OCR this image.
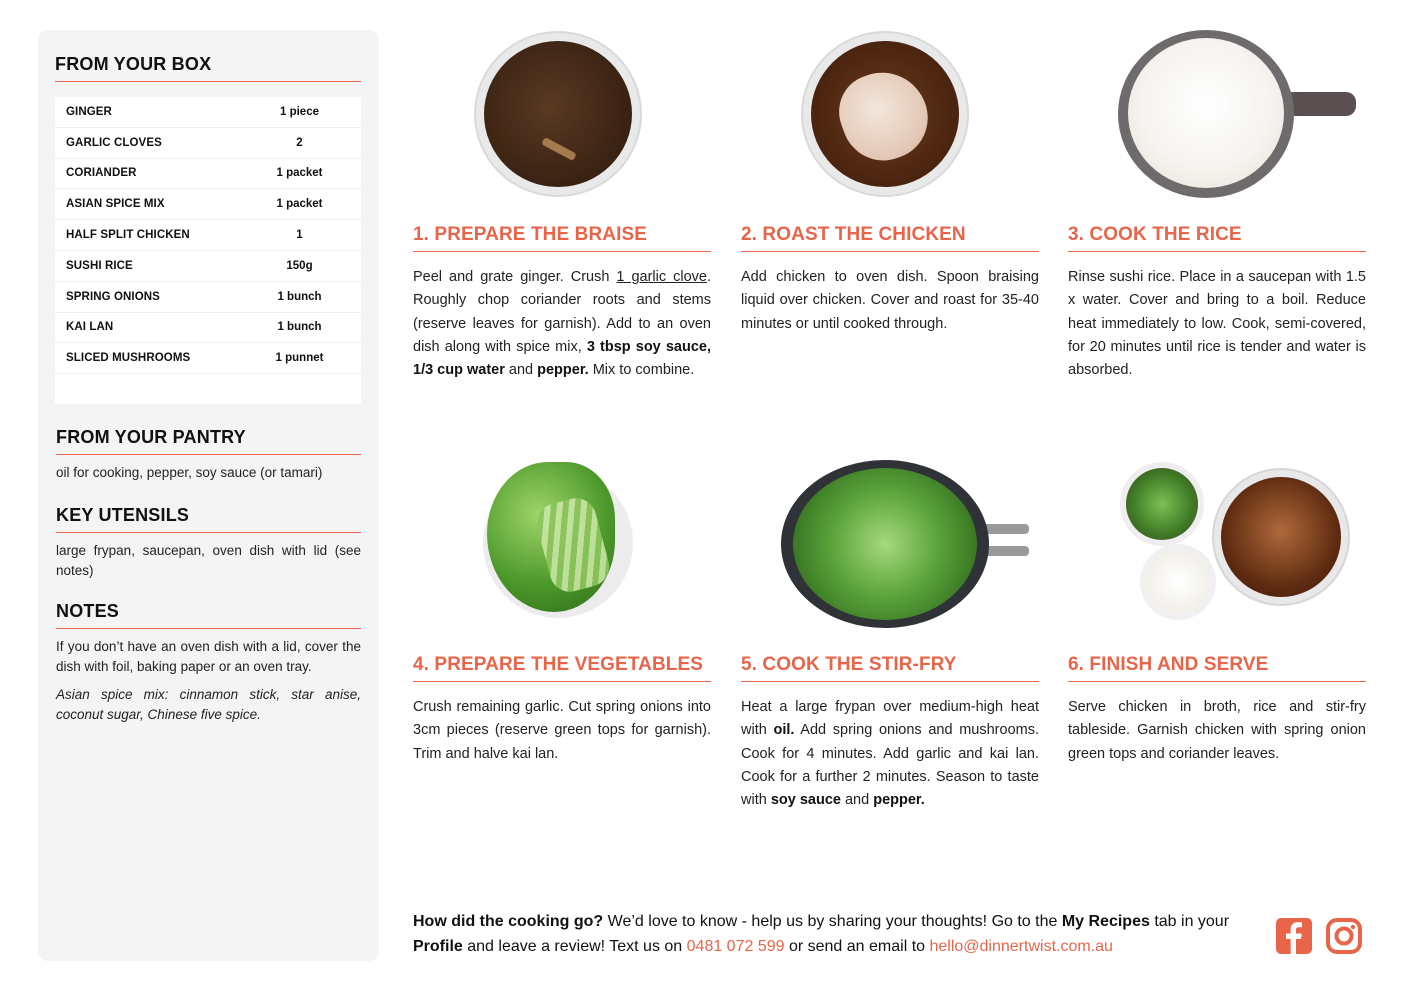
FROM YOUR BOX
GINGER	1 piece
GARLIC CLOVES	2
CORIANDER	1 packet
ASIAN SPICE MIX	1 packet
HALF SPLIT CHICKEN	1
SUSHI RICE	150g
SPRING ONIONS	1 bunch
KAI LAN	1 bunch
SLICED MUSHROOMS	1 punnet
FROM YOUR PANTRY
oil for cooking, pepper, soy sauce (or tamari)
KEY UTENSILS
large frypan, saucepan, oven dish with lid (see notes)
NOTES
If you don’t have an oven dish with a lid, cover the dish with foil, baking paper or an oven tray.
Asian spice mix: cinnamon stick, star anise, coconut sugar, Chinese five spice.
1. PREPARE THE BRAISE
Peel and grate ginger. Crush 1 garlic clove. Roughly chop coriander roots and stems (reserve leaves for garnish). Add to an oven dish along with spice mix, 3 tbsp soy sauce, 1/3 cup water and pepper. Mix to combine.
2. ROAST THE CHICKEN
Add chicken to oven dish. Spoon braising liquid over chicken. Cover and roast for 35-40 minutes or until cooked through.
3. COOK THE RICE
Rinse sushi rice. Place in a saucepan with 1.5 x water. Cover and bring to a boil. Reduce heat immediately to low. Cook, semi-covered, for 20 minutes until rice is tender and water is absorbed.
4. PREPARE THE VEGETABLES
Crush remaining garlic. Cut spring onions into 3cm pieces (reserve green tops for garnish). Trim and halve kai lan.
5. COOK THE STIR-FRY
Heat a large frypan over medium-high heat with oil. Add spring onions and mushrooms. Cook for 4 minutes. Add garlic and kai lan. Cook for a further 2 minutes. Season to taste with soy sauce and pepper.
6. FINISH AND SERVE
Serve chicken in broth, rice and stir-fry tableside. Garnish chicken with spring onion green tops and coriander leaves.
How did the cooking go? We’d love to know - help us by sharing your thoughts! Go to the My Recipes tab in your Profile and leave a review! Text us on 0481 072 599 or send an email to hello@dinnertwist.com.au
